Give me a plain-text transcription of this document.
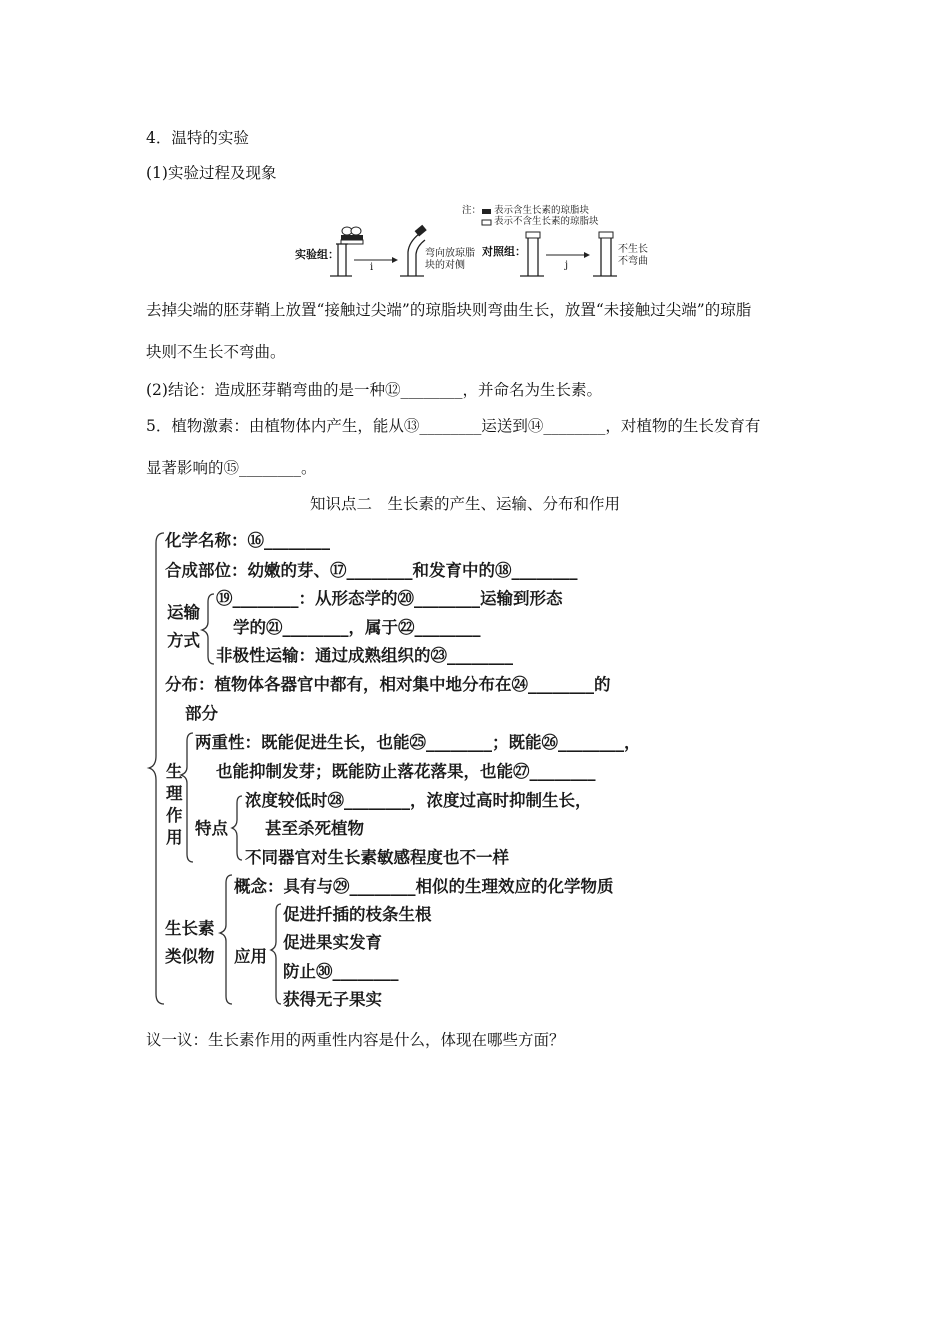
4．温特的实验
(1)实验过程及现象
注： 表示含生长素的琼脂块
表示不含生长素的琼脂块
实验组：
i
弯向放琼脂
块的对侧
对照组：
j
不生长
不弯曲
去掉尖端的胚芽鞘上放置“接触过尖端”的琼脂块则弯曲生长，放置“未接触过尖端”的琼脂
块则不生长不弯曲。
(2)结论：造成胚芽鞘弯曲的是一种⑫________，并命名为生长素。
5．植物激素：由植物体内产生，能从⑬________运送到⑭________，对植物的生长发育有
显著影响的⑮________。
知识点二　生长素的产生、运输、分布和作用
化学名称：⑯________
合成部位：幼嫩的芽、⑰________和发育中的⑱________
运输
方式
⑲________：从形态学的⑳________运输到形态
学的㉑________，属于㉒________
非极性运输：通过成熟组织的㉓________
分布：植物体各器官中都有，相对集中地分布在㉔________的
部分
生
理
作
用
两重性：既能促进生长，也能㉕________；既能㉖________，
也能抑制发芽；既能防止落花落果，也能㉗________
特点
浓度较低时㉘________，浓度过高时抑制生长，
甚至杀死植物
不同器官对生长素敏感程度也不一样
生长素
类似物
概念：具有与㉙________相似的生理效应的化学物质
应用
促进扦插的枝条生根
促进果实发育
防止㉚________
获得无子果实
议一议：生长素作用的两重性内容是什么，体现在哪些方面？
